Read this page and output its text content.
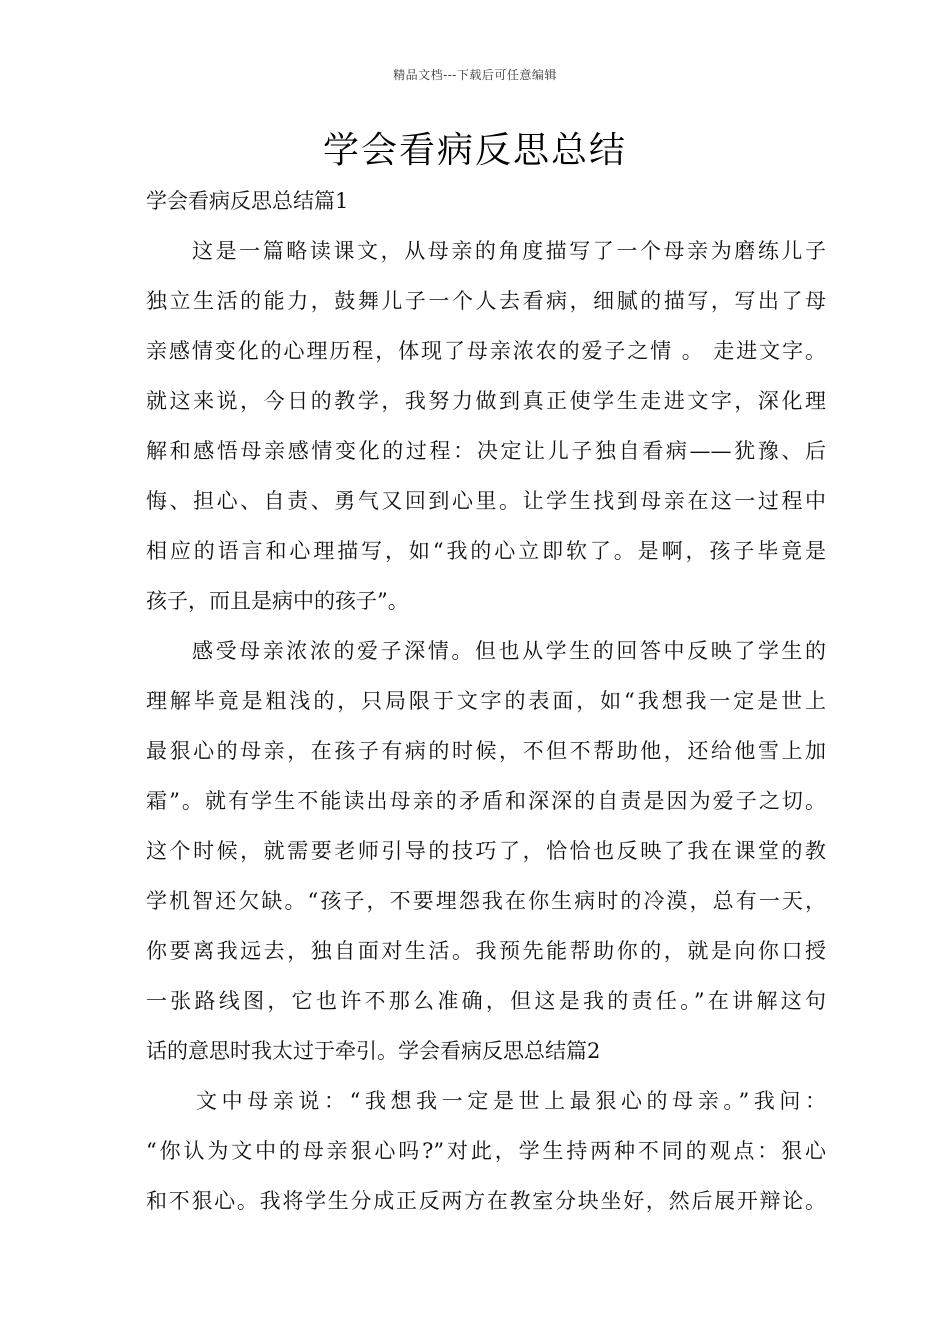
精品文档---下载后可任意编辑
学会看病反思总结
学会看病反思总结篇1
这是一篇略读课文，从母亲的角度描写了一个母亲为磨练儿子
独立生活的能力，鼓舞儿子一个人去看病，细腻的描写，写出了母
亲感情变化的心理历程，体现了母亲浓农的爱子之情 。 走进文字。
就这来说，今日的教学，我努力做到真正使学生走进文字，深化理
解和感悟母亲感情变化的过程：决定让儿子独自看病——犹豫、后
悔、担心、自责、勇气又回到心里。让学生找到母亲在这一过程中
相应的语言和心理描写，如“我的心立即软了。是啊，孩子毕竟是
孩子，而且是病中的孩子”。
感受母亲浓浓的爱子深情。但也从学生的回答中反映了学生的
理解毕竟是粗浅的，只局限于文字的表面，如“我想我一定是世上
最狠心的母亲，在孩子有病的时候，不但不帮助他，还给他雪上加
霜”。就有学生不能读出母亲的矛盾和深深的自责是因为爱子之切。
这个时候，就需要老师引导的技巧了，恰恰也反映了我在课堂的教
学机智还欠缺。“孩子，不要埋怨我在你生病时的冷漠，总有一天，
你要离我远去，独自面对生活。我预先能帮助你的，就是向你口授
一张路线图，它也许不那么准确，但这是我的责任。”在讲解这句
话的意思时我太过于牵引。学会看病反思总结篇2
文中母亲说：“我想我一定是世上最狠心的母亲。”我问：
“你认为文中的母亲狠心吗?”对此，学生持两种不同的观点：狠心
和不狠心。我将学生分成正反两方在教室分块坐好，然后展开辩论。
